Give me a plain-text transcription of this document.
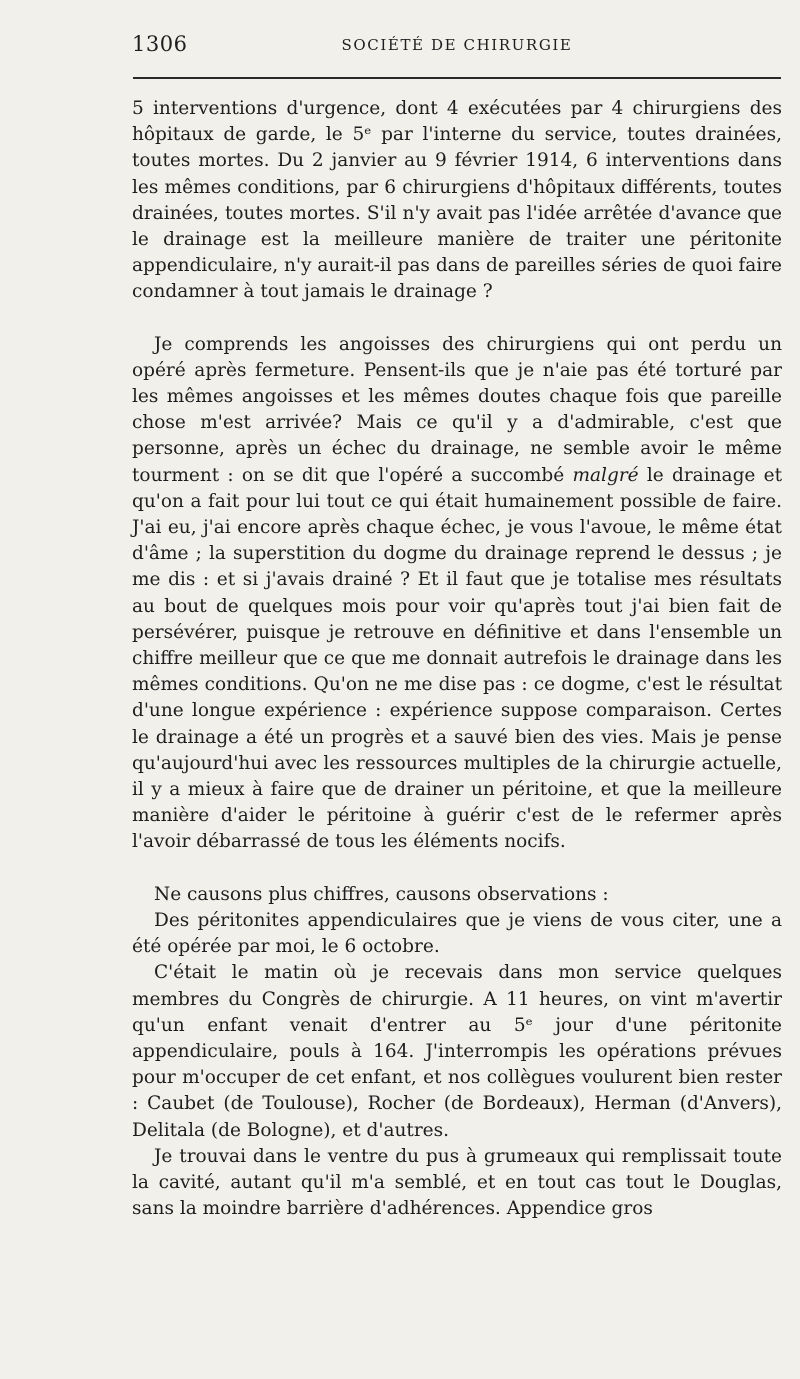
1306	SOCIÉTÉ DE CHIRURGIE

5 interventions d'urgence, dont 4 exécutées par 4 chirurgiens des hôpitaux de garde, le 5ᵉ par l'interne du service, toutes drainées, toutes mortes. Du 2 janvier au 9 février 1914, 6 interventions dans les mêmes conditions, par 6 chirurgiens d'hôpitaux différents, toutes drainées, toutes mortes. S'il n'y avait pas l'idée arrêtée d'avance que le drainage est la meilleure manière de traiter une péritonite appendiculaire, n'y aurait-il pas dans de pareilles séries de quoi faire condamner à tout jamais le drainage ?

Je comprends les angoisses des chirurgiens qui ont perdu un opéré après fermeture. Pensent-ils que je n'aie pas été torturé par les mêmes angoisses et les mêmes doutes chaque fois que pareille chose m'est arrivée? Mais ce qu'il y a d'admirable, c'est que personne, après un échec du drainage, ne semble avoir le même tourment : on se dit que l'opéré a succombé malgré le drainage et qu'on a fait pour lui tout ce qui était humainement possible de faire. J'ai eu, j'ai encore après chaque échec, je vous l'avoue, le même état d'âme ; la superstition du dogme du drainage reprend le dessus ; je me dis : et si j'avais drainé ? Et il faut que je totalise mes résultats au bout de quelques mois pour voir qu'après tout j'ai bien fait de persévérer, puisque je retrouve en définitive et dans l'ensemble un chiffre meilleur que ce que me donnait autrefois le drainage dans les mêmes conditions. Qu'on ne me dise pas : ce dogme, c'est le résultat d'une longue expérience : expérience suppose comparaison. Certes le drainage a été un progrès et a sauvé bien des vies. Mais je pense qu'aujourd'hui avec les ressources multiples de la chirurgie actuelle, il y a mieux à faire que de drainer un péritoine, et que la meilleure manière d'aider le péritoine à guérir c'est de le refermer après l'avoir débarrassé de tous les éléments nocifs.

Ne causons plus chiffres, causons observations :

Des péritonites appendiculaires que je viens de vous citer, une a été opérée par moi, le 6 octobre.

C'était le matin où je recevais dans mon service quelques membres du Congrès de chirurgie. A 11 heures, on vint m'avertir qu'un enfant venait d'entrer au 5ᵉ jour d'une péritonite appendiculaire, pouls à 164. J'interrompis les opérations prévues pour m'occuper de cet enfant, et nos collègues voulurent bien rester : Caubet (de Toulouse), Rocher (de Bordeaux), Herman (d'Anvers), Delitala (de Bologne), et d'autres.

Je trouvai dans le ventre du pus à grumeaux qui remplissait toute la cavité, autant qu'il m'a semblé, et en tout cas tout le Douglas, sans la moindre barrière d'adhérences. Appendice gros
